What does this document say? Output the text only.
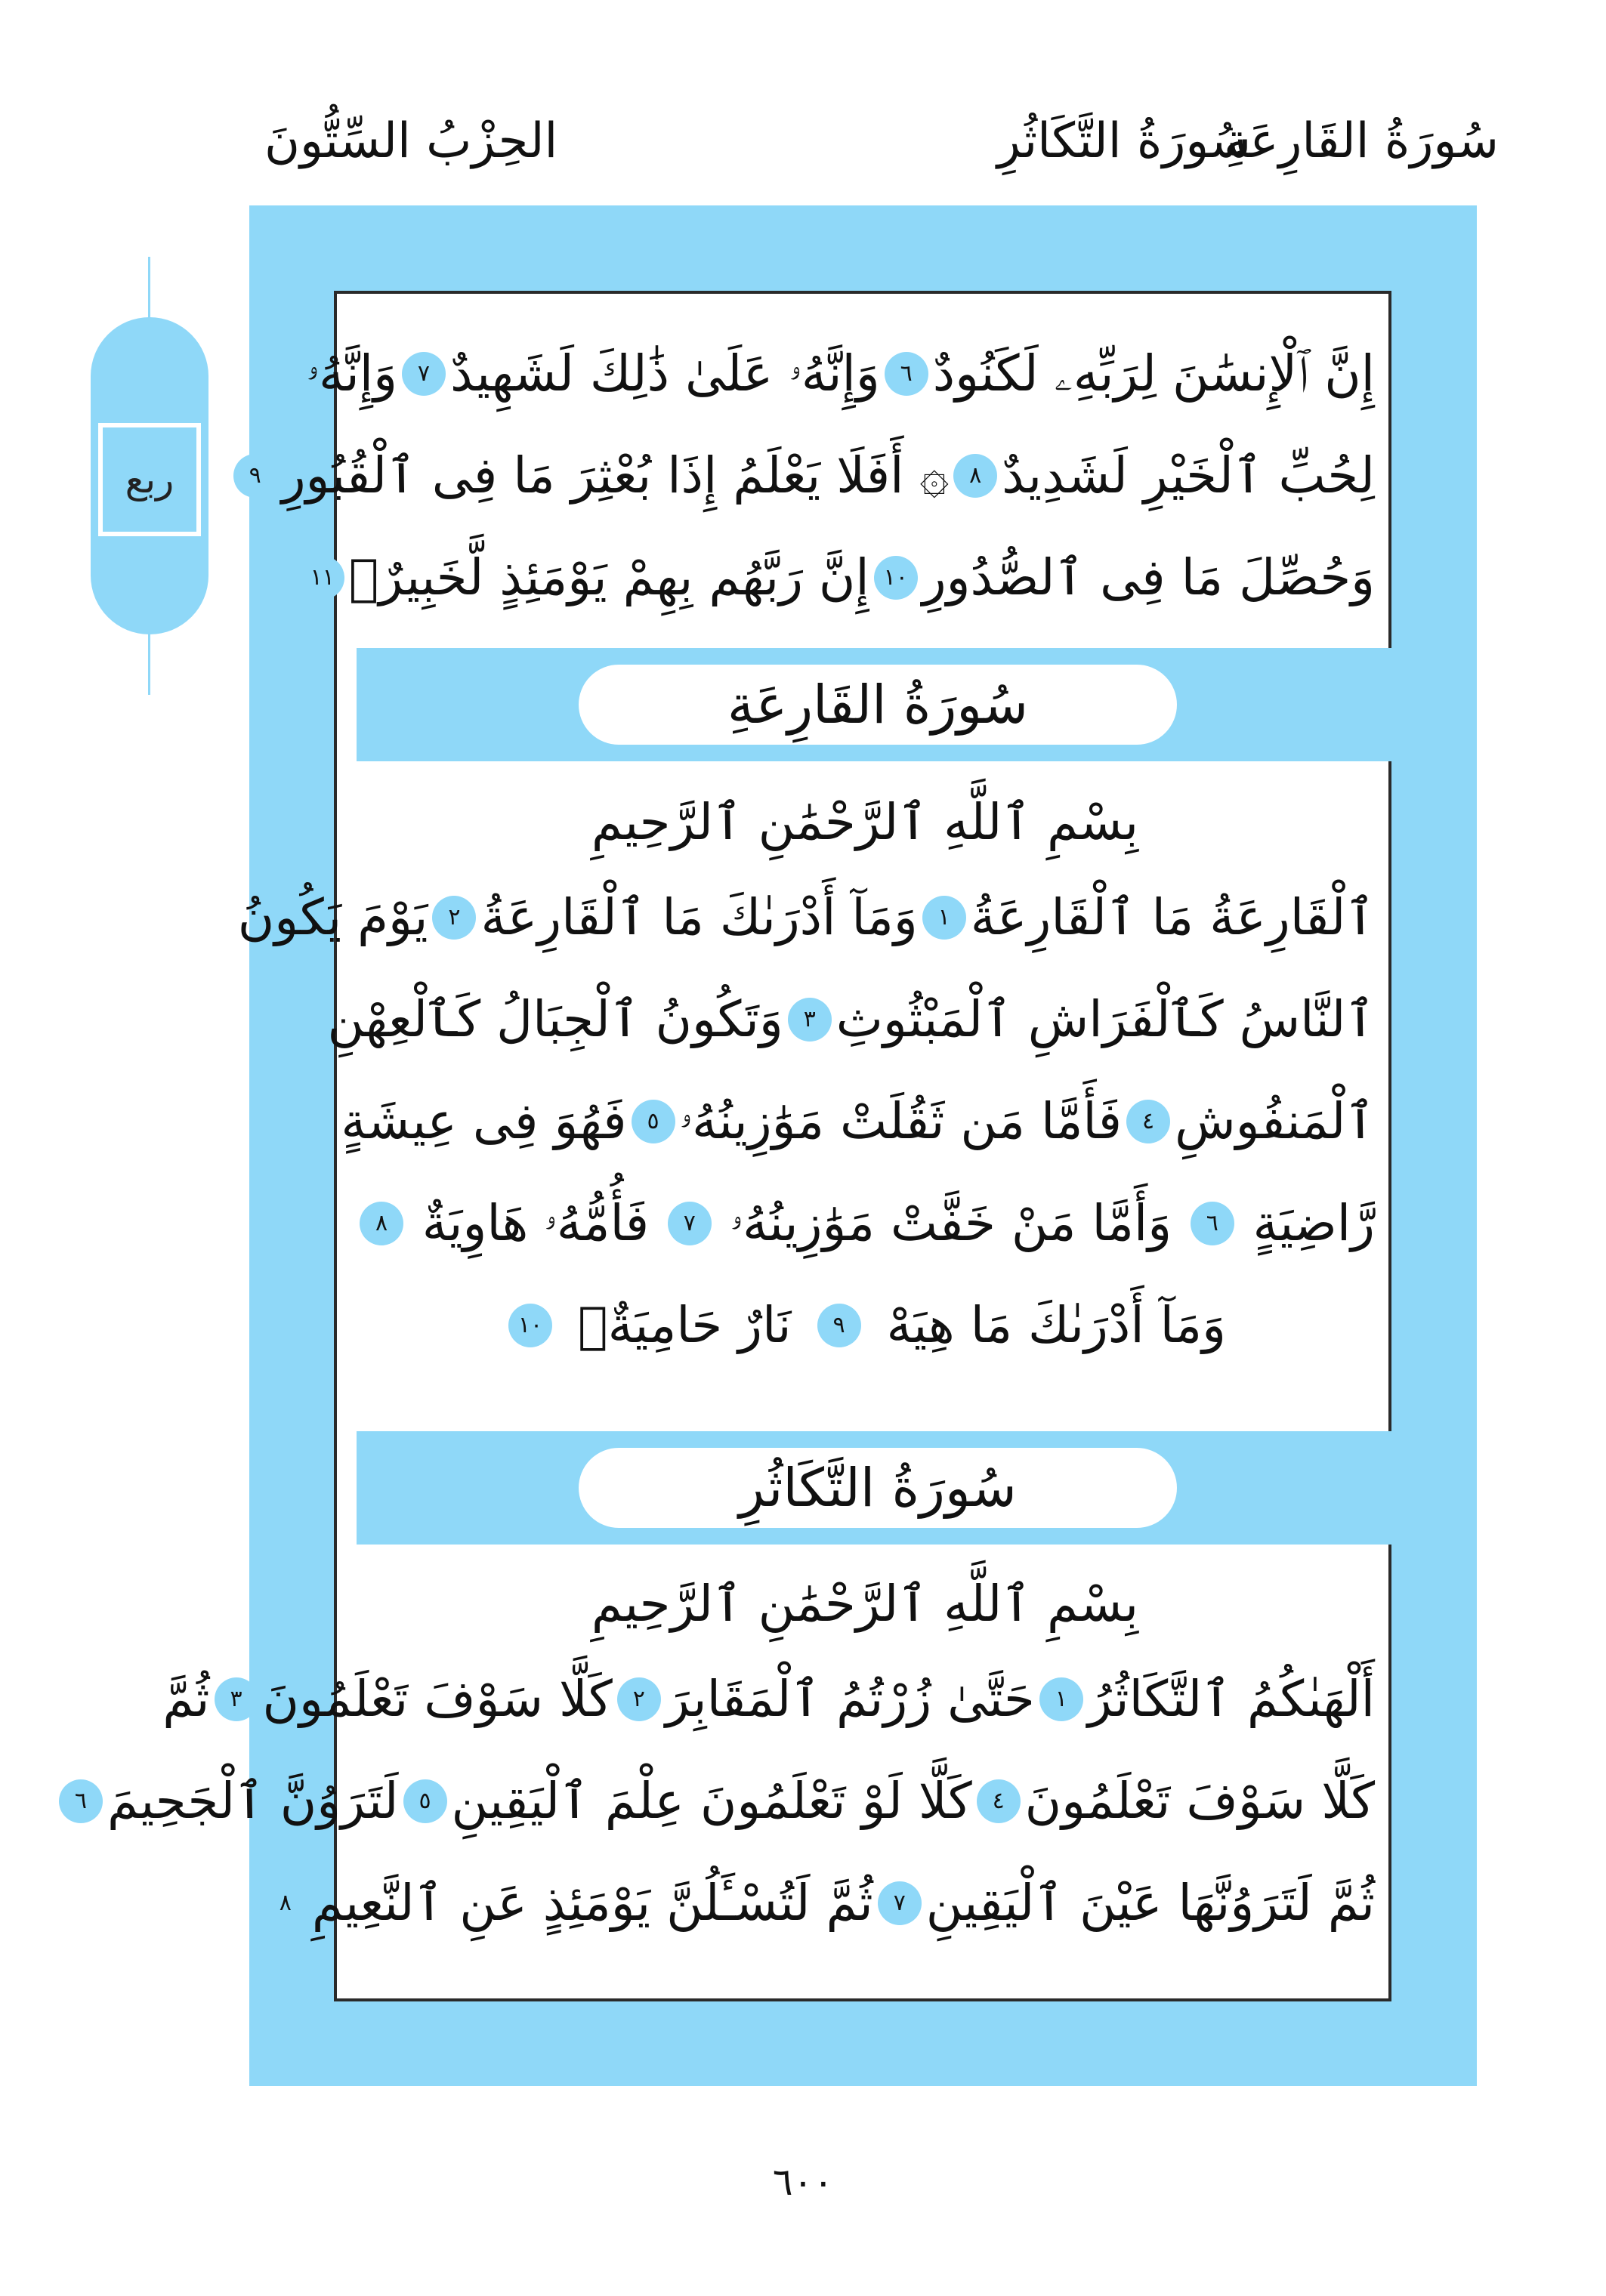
الحِزْبُ السِّتُّونَ	سُورَةُ التَّكَاثُرِ
سُورَةُ القَارِعَةِ
ربع
إِنَّ ٱلْإِنسَٰنَ لِرَبِّهِۦ لَكَنُودٌ
٦
وَإِنَّهُۥ عَلَىٰ ذَٰلِكَ لَشَهِيدٌ
٧
وَإِنَّهُۥ
لِحُبِّ ٱلْخَيْرِ لَشَدِيدٌ
٨
۞ أَفَلَا يَعْلَمُ إِذَا بُعْثِرَ مَا فِى ٱلْقُبُورِ
٩
وَحُصِّلَ مَا فِى ٱلصُّدُورِ
١٠
إِنَّ رَبَّهُم بِهِمْ يَوْمَئِذٍ لَّخَبِيرٌۢ
١١
سُورَةُ القَارِعَةِ
بِسْمِ ٱللَّهِ ٱلرَّحْمَٰنِ ٱلرَّحِيمِ
ٱلْقَارِعَةُ مَا ٱلْقَارِعَةُ
١
وَمَآ أَدْرَىٰكَ مَا ٱلْقَارِعَةُ
٢
يَوْمَ يَكُونُ
ٱلنَّاسُ كَٱلْفَرَاشِ ٱلْمَبْثُوثِ
٣
وَتَكُونُ ٱلْجِبَالُ كَٱلْعِهْنِ
ٱلْمَنفُوشِ
٤
فَأَمَّا مَن ثَقُلَتْ مَوَٰزِينُهُۥ
٥
فَهُوَ فِى عِيشَةٍ
رَّاضِيَةٍ
٦
وَأَمَّا مَنْ خَفَّتْ مَوَٰزِينُهُۥ
٧
فَأُمُّهُۥ هَاوِيَةٌ
٨
وَمَآ أَدْرَىٰكَ مَا هِيَهْ
٩
نَارٌ حَامِيَةٌۢ
١٠
سُورَةُ التَّكَاثُرِ
بِسْمِ ٱللَّهِ ٱلرَّحْمَٰنِ ٱلرَّحِيمِ
أَلْهَىٰكُمُ ٱلتَّكَاثُرُ
١
حَتَّىٰ زُرْتُمُ ٱلْمَقَابِرَ
٢
كَلَّا سَوْفَ تَعْلَمُونَ
٣
ثُمَّ
كَلَّا سَوْفَ تَعْلَمُونَ
٤
كَلَّا لَوْ تَعْلَمُونَ عِلْمَ ٱلْيَقِينِ
٥
لَتَرَوُنَّ ٱلْجَحِيمَ
٦
ثُمَّ لَتَرَوُنَّهَا عَيْنَ ٱلْيَقِينِ
٧
ثُمَّ لَتُسْـَٔلُنَّ يَوْمَئِذٍ عَنِ ٱلنَّعِيمِ
٨
٦٠٠
